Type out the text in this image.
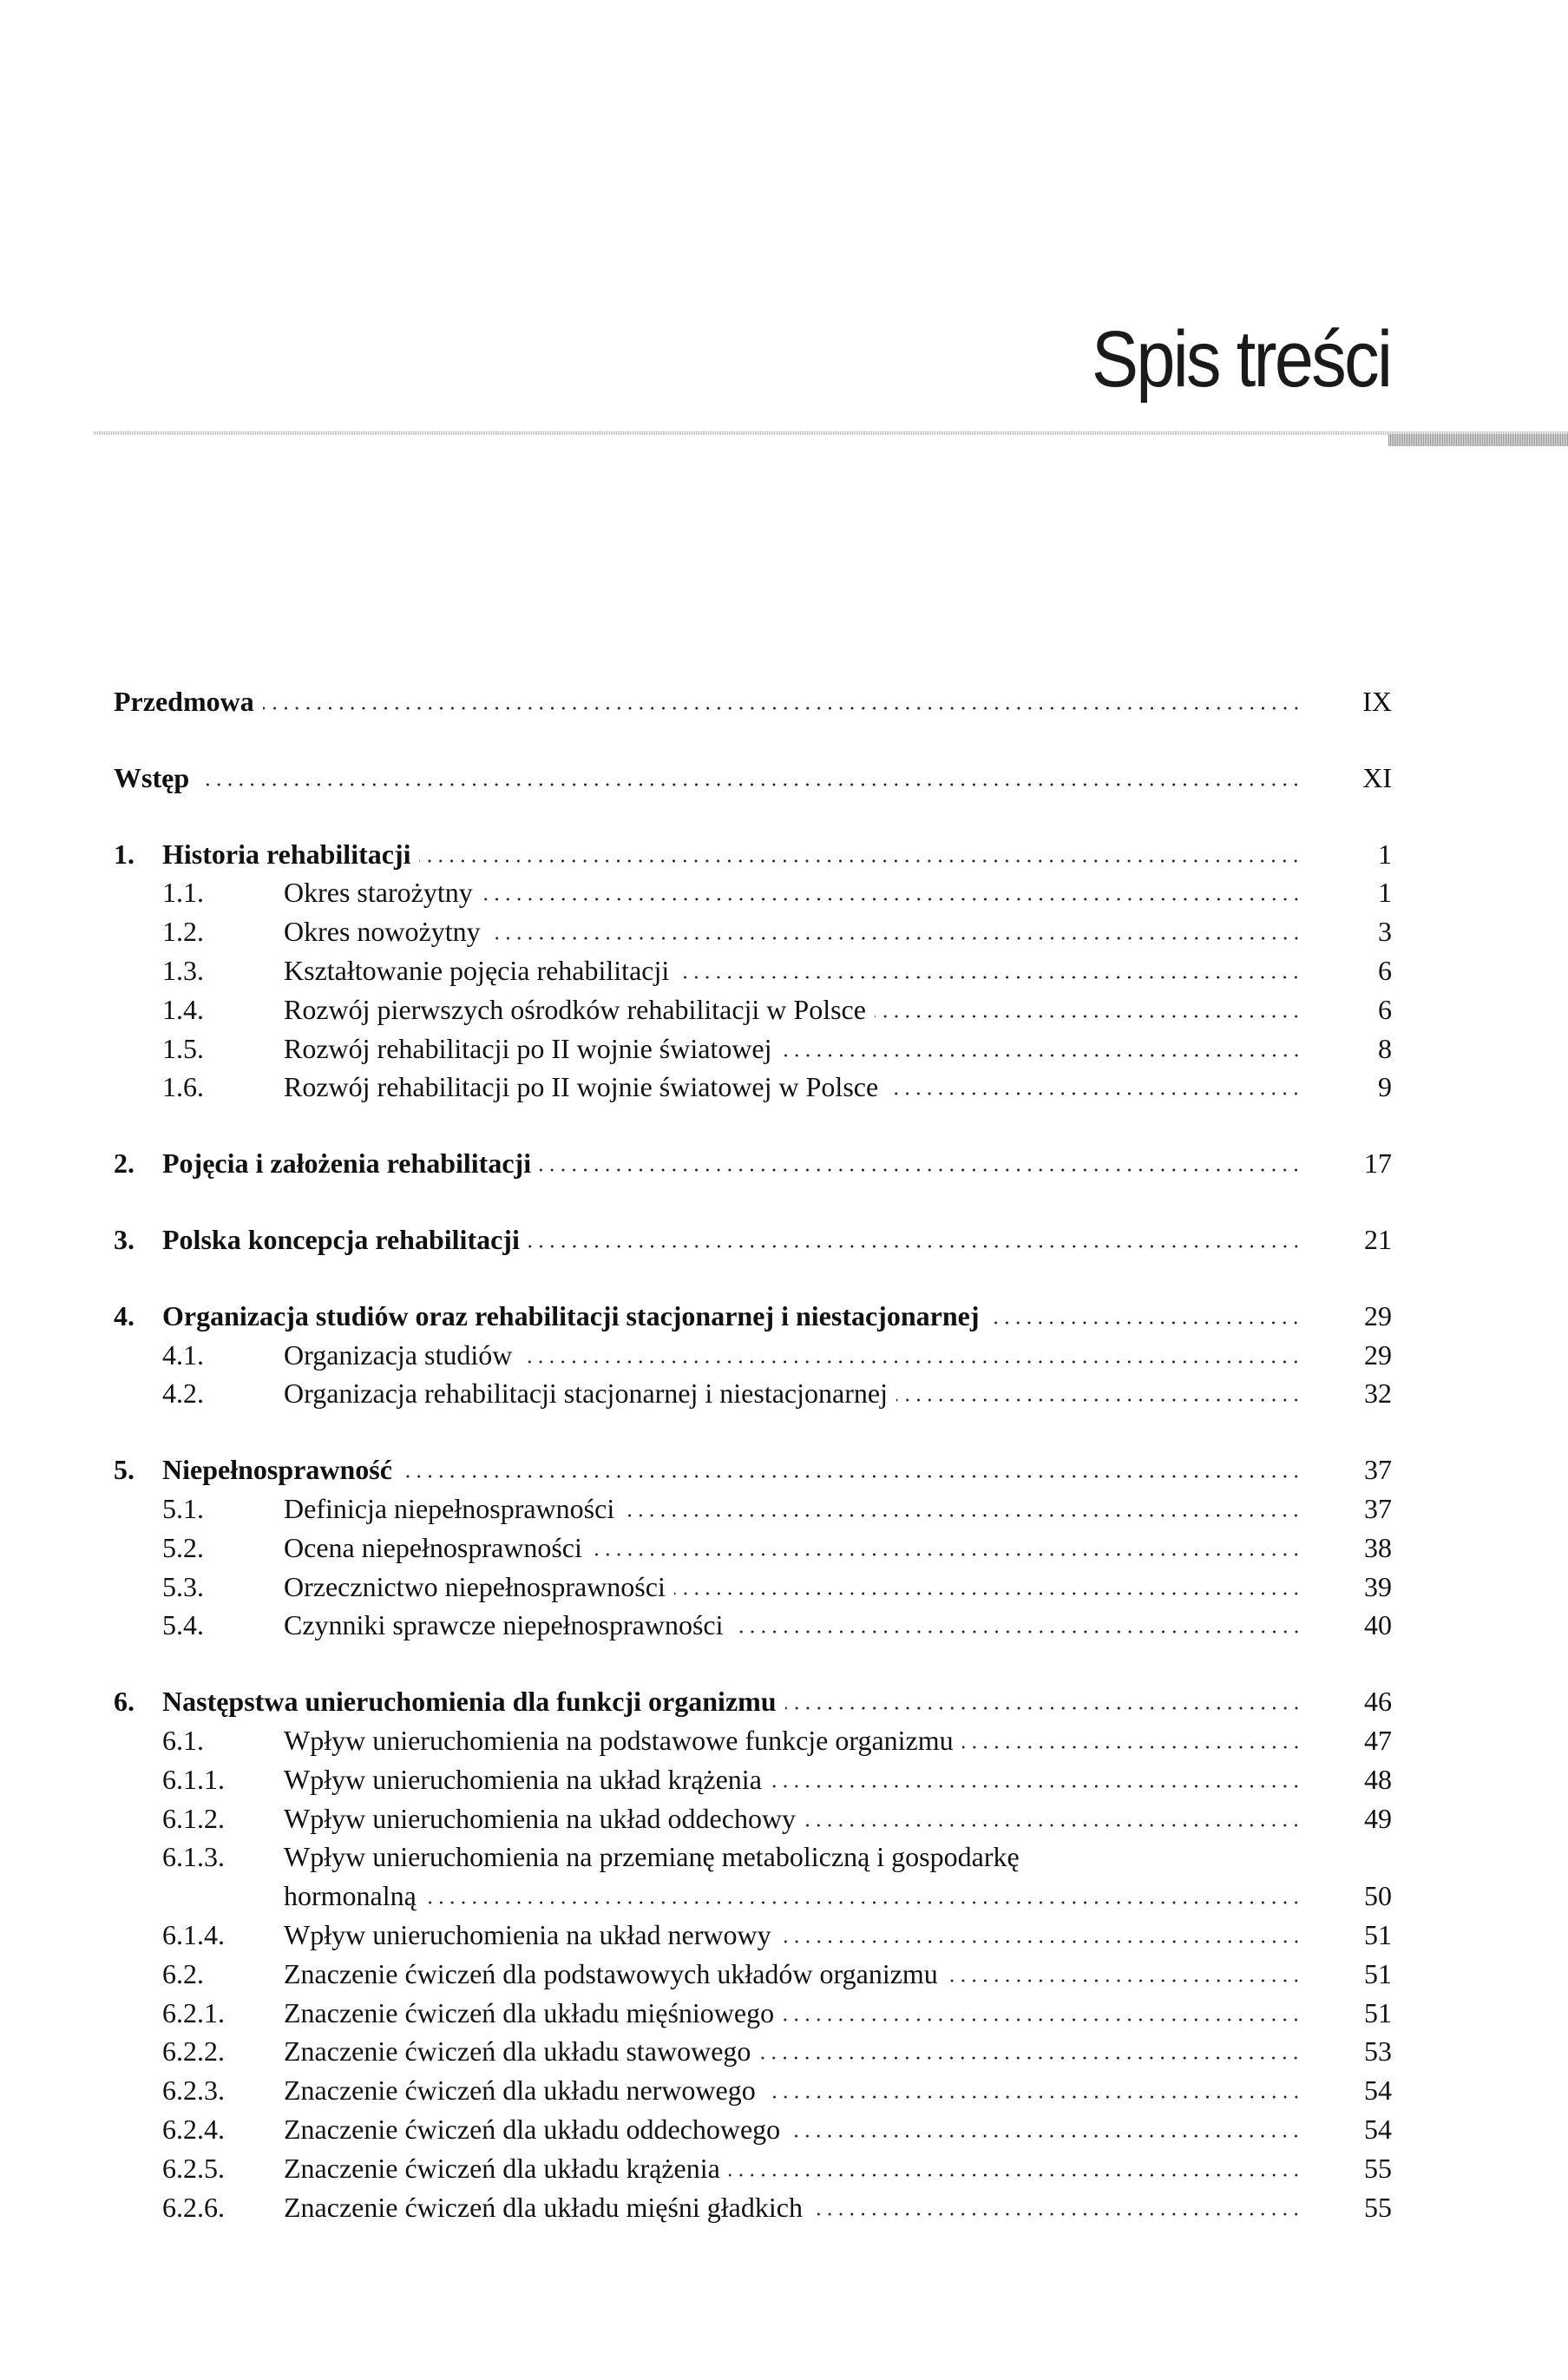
Spis treści
Przedmowa	IX
Wstęp	XI
1.	Historia rehabilitacji	1
1.1.	Okres starożytny	1
1.2.	Okres nowożytny	3
1.3.	Kształtowanie pojęcia rehabilitacji	6
1.4.	Rozwój pierwszych ośrodków rehabilitacji w Polsce	6
1.5.	Rozwój rehabilitacji po II wojnie światowej	8
1.6.	Rozwój rehabilitacji po II wojnie światowej w Polsce	9
2.	Pojęcia i założenia rehabilitacji	17
3.	Polska koncepcja rehabilitacji	21
4.	Organizacja studiów oraz rehabilitacji stacjonarnej i niestacjonarnej	29
4.1.	Organizacja studiów	29
4.2.	Organizacja rehabilitacji stacjonarnej i niestacjonarnej	32
5.	Niepełnosprawność	37
5.1.	Definicja niepełnosprawności	37
5.2.	Ocena niepełnosprawności	38
5.3.	Orzecznictwo niepełnosprawności	39
5.4.	Czynniki sprawcze niepełnosprawności	40
6.	Następstwa unieruchomienia dla funkcji organizmu	46
6.1.	Wpływ unieruchomienia na podstawowe funkcje organizmu	47
6.1.1.	Wpływ unieruchomienia na układ krążenia	48
6.1.2.	Wpływ unieruchomienia na układ oddechowy	49
6.1.3.	Wpływ unieruchomienia na przemianę metaboliczną i gospodarkę
hormonalną	50
6.1.4.	Wpływ unieruchomienia na układ nerwowy	51
6.2.	Znaczenie ćwiczeń dla podstawowych układów organizmu	51
6.2.1.	Znaczenie ćwiczeń dla układu mięśniowego	51
6.2.2.	Znaczenie ćwiczeń dla układu stawowego	53
6.2.3.	Znaczenie ćwiczeń dla układu nerwowego	54
6.2.4.	Znaczenie ćwiczeń dla układu oddechowego	54
6.2.5.	Znaczenie ćwiczeń dla układu krążenia	55
6.2.6.	Znaczenie ćwiczeń dla układu mięśni gładkich	55
